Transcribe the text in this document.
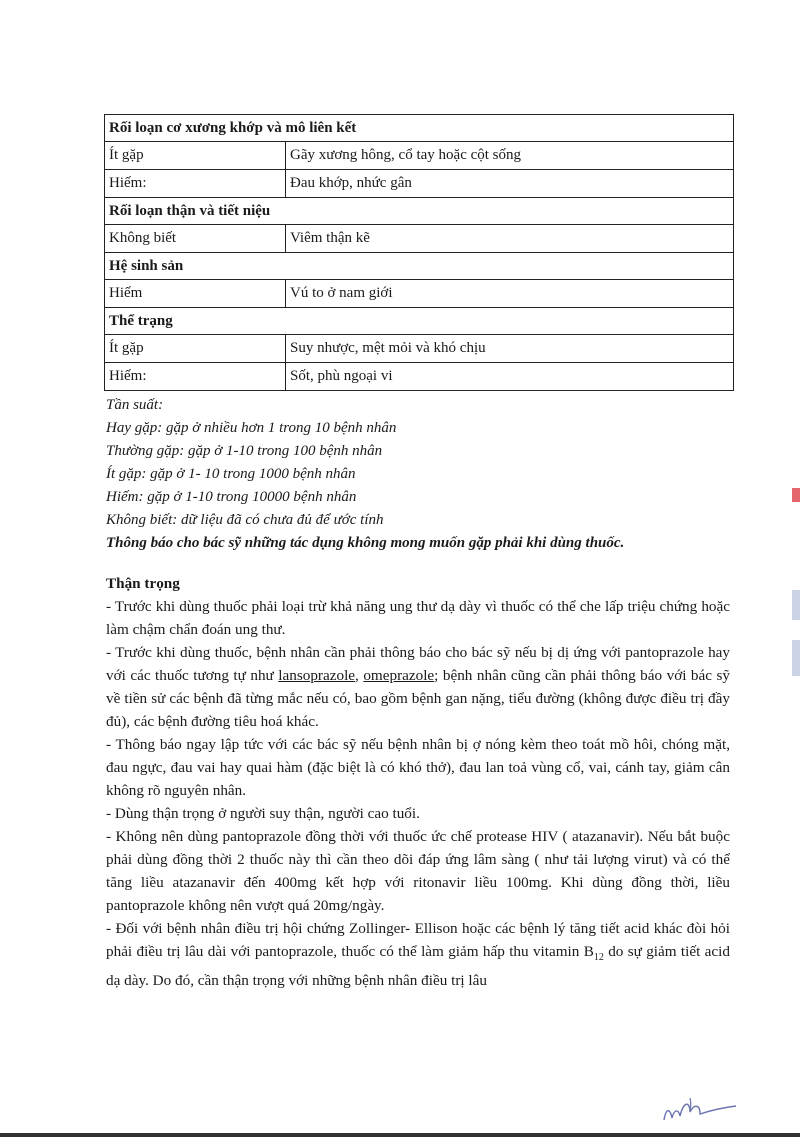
Rối loạn cơ xương khớp và mô liên kết	
Ít gặp	Gãy xương hông, cổ tay hoặc cột sống
Hiếm:	Đau khớp, nhức gân
Rối loạn thận và tiết niệu	
Không biết	Viêm thận kẽ
Hệ sinh sản	
Hiếm	Vú to ở nam giới
Thể trạng	
Ít gặp	Suy nhược, mệt mỏi và khó chịu
Hiếm:	Sốt, phù ngoại vi
Tần suất:
Hay gặp: gặp ở nhiều hơn 1 trong 10 bệnh nhân
Thường gặp: gặp ở 1-10 trong 100 bệnh nhân
Ít gặp: gặp ở 1- 10 trong 1000 bệnh nhân
Hiếm: gặp ở 1-10 trong 10000 bệnh nhân
Không biết: dữ liệu đã có chưa đủ để ước tính
Thông báo cho bác sỹ những tác dụng không mong muốn gặp phải khi dùng thuốc.
Thận trọng

- Trước khi dùng thuốc phải loại trừ khả năng ung thư dạ dày vì thuốc có thể che lấp triệu chứng hoặc làm chậm chẩn đoán ung thư.

- Trước khi dùng thuốc, bệnh nhân cần phải thông báo cho bác sỹ nếu bị dị ứng với pantoprazole hay với các thuốc tương tự như lansoprazole, omeprazole; bệnh nhân cũng cần phải thông báo với bác sỹ về tiền sử các bệnh đã từng mắc nếu có, bao gồm bệnh gan nặng, tiểu đường (không được điều trị đầy đủ), các bệnh đường tiêu hoá khác.

- Thông báo ngay lập tức với các bác sỹ nếu bệnh nhân bị ợ nóng kèm theo toát mồ hôi, chóng mặt, đau ngực, đau vai hay quai hàm (đặc biệt là có khó thở), đau lan toả vùng cổ, vai, cánh tay, giảm cân không rõ nguyên nhân.

- Dùng thận trọng ở người suy thận, người cao tuổi.

- Không nên dùng pantoprazole đồng thời với thuốc ức chế protease HIV ( atazanavir). Nếu bắt buộc phải dùng đồng thời 2 thuốc này thì cần theo dõi đáp ứng lâm sàng ( như tải lượng virut) và có thể tăng liều atazanavir đến 400mg kết hợp với ritonavir liều 100mg. Khi dùng đồng thời, liều pantoprazole không nên vượt quá 20mg/ngày.

- Đối với bệnh nhân điều trị hội chứng Zollinger- Ellison hoặc các bệnh lý tăng tiết acid khác đòi hỏi phải điều trị lâu dài với pantoprazole, thuốc có thể làm giảm hấp thu vitamin $B_{12}$ do sự giảm tiết acid dạ dày. Do đó, cần thận trọng với những bệnh nhân điều trị lâu
